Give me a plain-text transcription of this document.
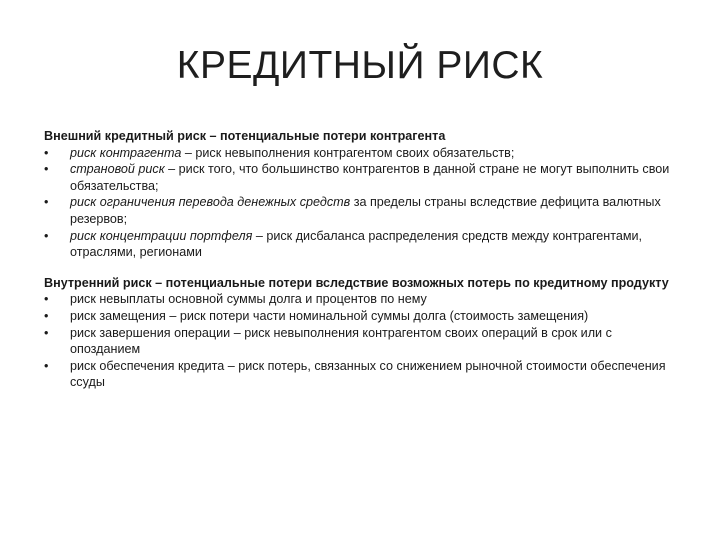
КРЕДИТНЫЙ РИСК

Внешний кредитный риск – потенциальные потери контрагента

• риск контрагента – риск невыполнения контрагентом своих обязательств;
• страновой риск – риск того, что большинство контрагентов в данной стране не могут выполнить свои обязательства;
• риск ограничения перевода денежных средств за пределы страны вследствие дефицита валютных резервов;
• риск концентрации портфеля – риск дисбаланса распределения средств между контрагентами, отраслями, регионами

Внутренний риск – потенциальные потери вследствие возможных потерь по кредитному продукту

• риск невыплаты основной суммы долга и процентов по нему
• риск замещения – риск потери части номинальной суммы долга (стоимость замещения)
• риск завершения операции – риск невыполнения контрагентом своих операций в срок или с опозданием
• риск обеспечения кредита – риск потерь, связанных со снижением рыночной стоимости обеспечения ссуды
